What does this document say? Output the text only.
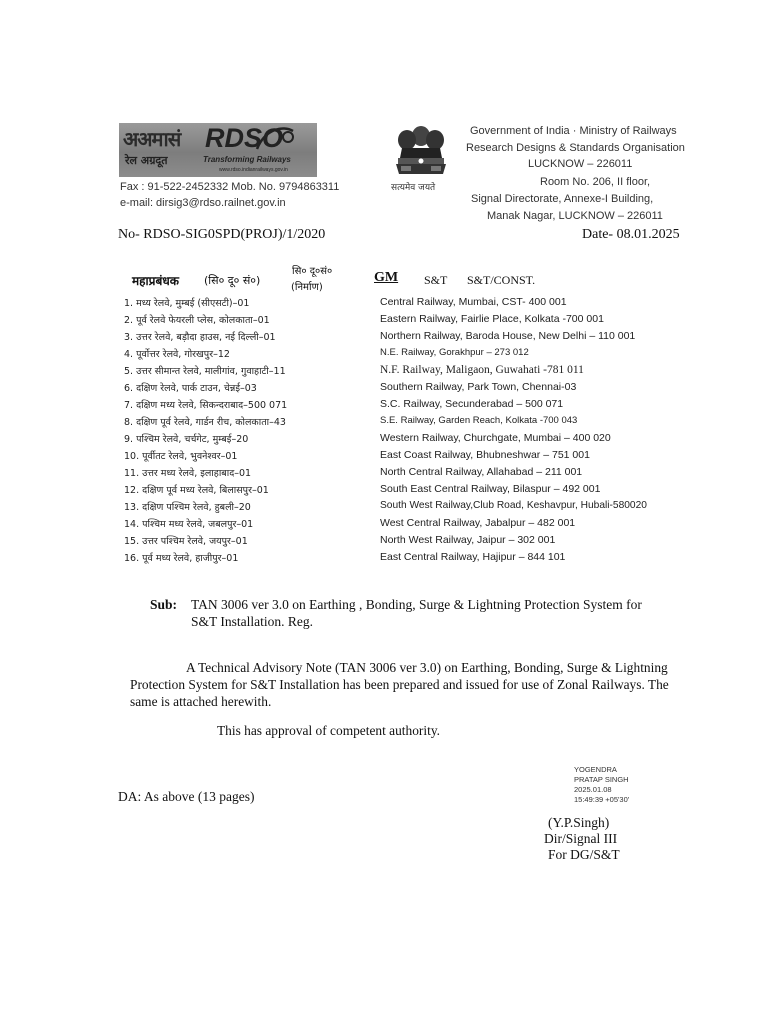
अअमासं RDSO
रेल अग्रदूत	Transforming Railways
www.rdso.indianrailways.gov.in
Fax : 91-522-2452332 Mob. No. 9794863311
e-mail: dirsig3@rdso.railnet.gov.in
सत्यमेव जयते
Government of India · Ministry of Railways
Research Designs & Standards Organisation
LUCKNOW – 226011
Room No. 206, II floor,
Signal Directorate, Annexe-I Building,
Manak Nagar, LUCKNOW – 226011
No- RDSO-SIG0SPD(PROJ)/1/2020	Date- 08.01.2025
महाप्रबंधक (सि० दू० सं०)
सि० दू०सं०
(निर्माण)
GM S&T S&T/CONST.
1. मध्य रेलवे, मुम्बई (सीएसटी)–01
2. पूर्व रेलवे फेयरली प्लेस, कोलकाता–01
3. उत्तर रेलवे, बड़ौदा हाउस, नई दिल्ली–01
4. पूर्वोत्तर रेलवे, गोरखपुर–12
5. उत्तर सीमान्त रेलवे, मालीगांव, गुवाहाटी–11
6. दक्षिण रेलवे, पार्क टाउन, चेन्नई–03
7. दक्षिण मध्य रेलवे, सिकन्दराबाद–500 071
8. दक्षिण पूर्व रेलवे, गार्डन रीच, कोलकाता–43
9. पश्चिम रेलवे, चर्चगेट, मुम्बई–20
10. पूर्वीतट रेलवे, भुवनेश्वर–01
11. उत्तर मध्य रेलवे, इलाहाबाद–01
12. दक्षिण पूर्व मध्य रेलवे, बिलासपुर–01
13. दक्षिण पश्चिम रेलवे, हुबली–20
14. पश्चिम मध्य रेलवे, जबलपुर–01
15. उत्तर पश्चिम रेलवे, जयपुर–01
16. पूर्व मध्य रेलवे, हाजीपुर–01
Central Railway, Mumbai, CST- 400 001
Eastern Railway, Fairlie Place, Kolkata -700 001
Northern Railway, Baroda House, New Delhi – 110 001
N.E. Railway, Gorakhpur – 273 012
N.F. Railway, Maligaon, Guwahati -781 011
Southern Railway, Park Town, Chennai-03
S.C. Railway, Secunderabad – 500 071
S.E. Railway, Garden Reach, Kolkata -700 043
Western Railway, Churchgate, Mumbai – 400 020
East Coast Railway, Bhubneshwar – 751 001
North Central Railway, Allahabad – 211 001
South East Central Railway, Bilaspur – 492 001
South West Railway,Club Road, Keshavpur, Hubali-580020
West Central Railway, Jabalpur – 482 001
North West Railway, Jaipur – 302 001
East Central Railway, Hajipur – 844 101
Sub: TAN 3006 ver 3.0 on Earthing , Bonding, Surge & Lightning Protection System for
S&T Installation. Reg.
A Technical Advisory Note (TAN 3006 ver 3.0) on Earthing, Bonding, Surge & Lightning
Protection System for S&T Installation has been prepared and issued for use of Zonal Railways. The
same is attached herewith.
This has approval of competent authority.
YOGENDRA
PRATAP SINGH
2025.01.08
15:49:39 +05'30'
DA: As above (13 pages)
(Y.P.Singh)
Dir/Signal III
For DG/S&T
